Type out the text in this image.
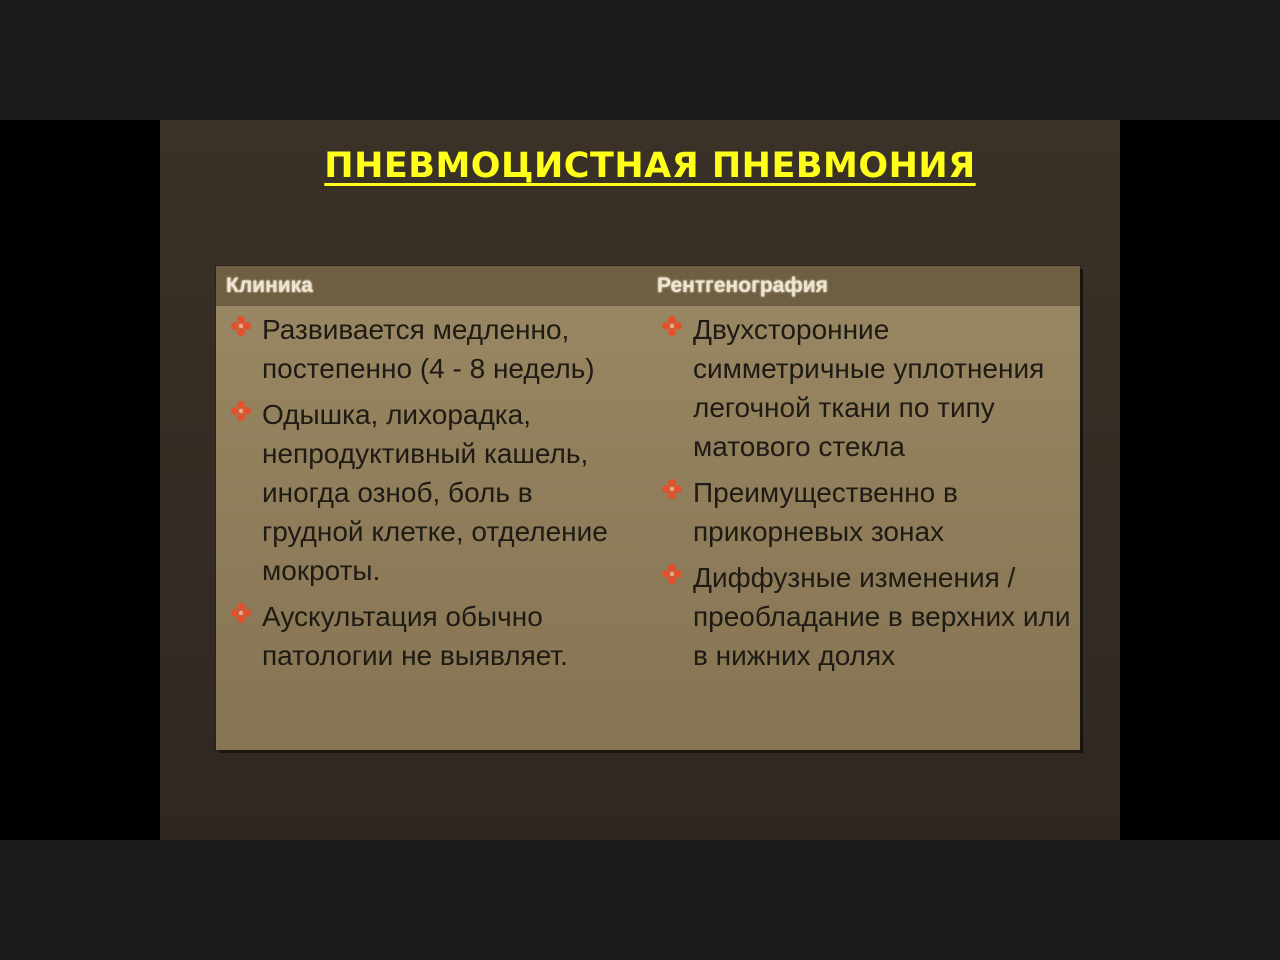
ПНЕВМОЦИСТНАЯ ПНЕВМОНИЯ
Клиника	Рентгенография
Развивается медленно, постепенно (4 - 8 недель)
Одышка, лихорадка, непродуктивный кашель, иногда озноб, боль в грудной клетке, отделение мокроты.
Аускультация обычно патологии не выявляет.
Двухсторонние симметричные уплотнения легочной ткани по типу матового стекла
Преимущественно в прикорневых зонах
Диффузные изменения / преобладание в верхних или в нижних долях
